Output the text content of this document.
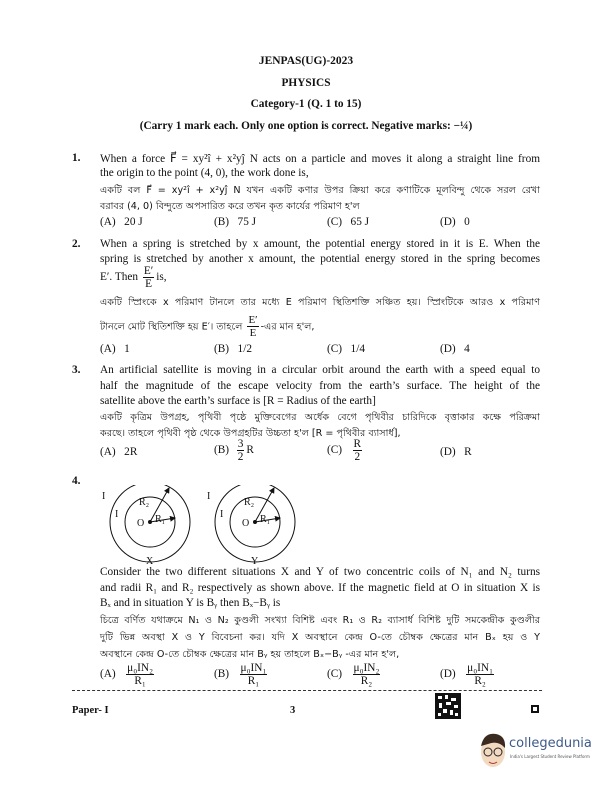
JENPAS(UG)-2023
PHYSICS
Category-1 (Q. 1 to 15)
(Carry 1 mark each. Only one option is correct. Negative marks: −¼)
1. When a force F⃗ = xy²î + x²yĵ N acts on a particle and moves it along a straight line from
the origin to the point (4, 0), the work done is,
একটি বল F⃗ = xy²î + x²yĵ N যখন একটি কণার উপর ক্রিয়া করে কণাটিকে মূলবিন্দু থেকে সরল রেখা
বরাবর (4, 0) বিন্দুতে অপসারিত করে তখন কৃত কার্যের পরিমাণ হ'ল
(A) 20 J	(B) 75 J	(C) 65 J	(D) 0
2. When a spring is stretched by x amount, the potential energy stored in it is E. When the
spring is stretched by another x amount, the potential energy stored in the spring becomes
E′. Then $\frac{E'}{E}$ is,
একটি স্প্রিংকে x পরিমাণ টানলে তার মধ্যে E পরিমাণ স্থিতিশক্তি সঞ্চিত হয়। স্প্রিংটিকে আরও x পরিমাণ
টানলে মোট স্থিতিশক্তি হয় E′। তাহলে $\frac{E'}{E}$ -এর মান হ'ল,
(A) 1	(B) 1/2	(C) 1/4	(D) 4
3. An artificial satellite is moving in a circular orbit around the earth with a speed equal to
half the magnitude of the escape velocity from the earth’s surface. The height of the
satellite above the earth’s surface is [R = Radius of the earth]
একটি কৃত্রিম উপগ্রহ, পৃথিবী পৃষ্ঠে মুক্তিবেগের অর্ধেক বেগে পৃথিবীর চারিদিকে বৃত্তাকার কক্ষে পরিক্রমা
করছে। তাহলে পৃথিবী পৃষ্ঠ থেকে উপগ্রহটির উচ্চতা হ'ল [R = পৃথিবীর ব্যাসার্ধ],
(A) 2R	$(B) \frac{3}{2}$ R	$(C) \frac{R}{2}$	(D) R
4.
I
I
R₂
R₁
O
X
I
I
R₂
R₁
O
Y
Consider the two different situations X and Y of two concentric coils of N₁ and N₂ turns
and radii R₁ and R₂ respectively as shown above. If the magnetic field at O in situation X is
Bₓ and in situation Y is Bᵧ then Bₓ−Bᵧ is
চিত্রে বর্ণিত যথাক্রমে N₁ ও N₂ কুণ্ডলী সংখ্যা বিশিষ্ট এবং R₁ ও R₂ ব্যাসার্ধ বিশিষ্ট দুটি সমকেন্দ্রীক কুণ্ডলীর
দুটি ভিন্ন অবস্থা X ও Y বিবেচনা কর। যদি X অবস্থানে কেন্দ্র O-তে চৌম্বক ক্ষেত্রের মান Bₓ হয় ও Y
অবস্থানে কেন্দ্র O-তে চৌম্বক ক্ষেত্রের মান Bᵧ হয় তাহলে Bₓ−Bᵧ -এর মান হ'ল,
$(A) \frac{\text{μ₀IN₂}}{\text{R₁}}$	$(B) \frac{\text{μ₀IN₁}}{\text{R₁}}$	$(C) \frac{\text{μ₀IN₂}}{\text{R₂}}$	$(D) \frac{\text{μ₀IN₁}}{\text{R₂}}$
Paper- I	3
collegedunia
India's Largest Student Review Platform
